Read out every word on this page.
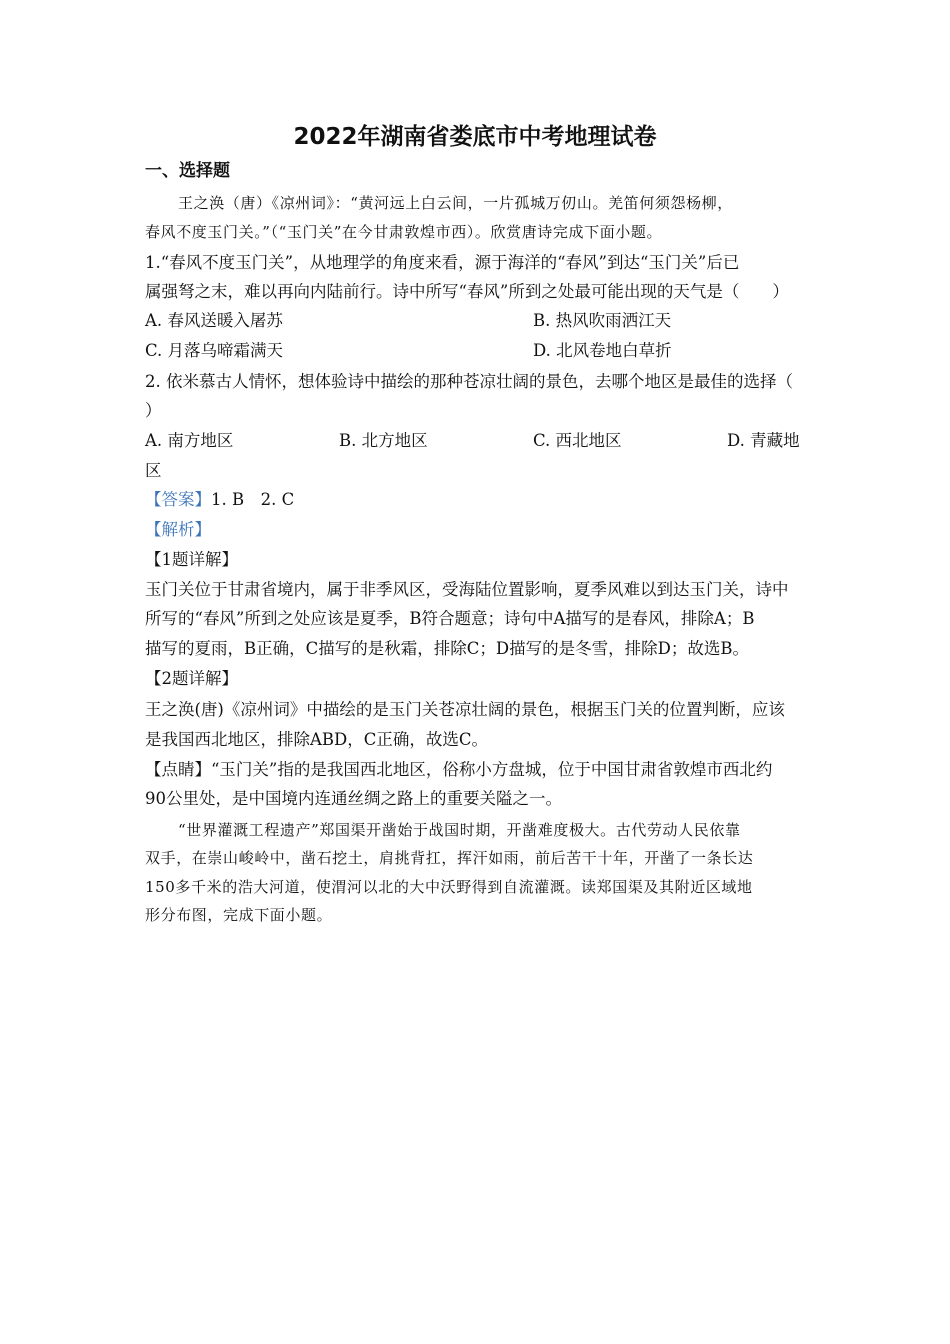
2022年湖南省娄底市中考地理试卷
一、选择题
王之涣（唐）《凉州词》：“黄河远上白云间，一片孤城万仞山。羌笛何须怨杨柳，
春风不度玉门关。”（“玉门关”在今甘肃敦煌市西）。欣赏唐诗完成下面小题。
1.“春风不度玉门关”，从地理学的角度来看，源于海洋的“春风”到达“玉门关”后已
属强弩之末，难以再向内陆前行。诗中所写“春风”所到之处最可能出现的天气是（　　）
A. 春风送暖入屠苏	B. 热风吹雨洒江天
C. 月落乌啼霜满天	D. 北风卷地白草折
2. 依米慕古人情怀，想体验诗中描绘的那种苍凉壮阔的景色，去哪个地区是最佳的选择（
）
A. 南方地区	B. 北方地区	C. 西北地区	D. 青藏地
区
【答案】1. B　2. C
【解析】
【1题详解】
玉门关位于甘肃省境内，属于非季风区，受海陆位置影响，夏季风难以到达玉门关，诗中
所写的“春风”所到之处应该是夏季，B符合题意；诗句中A描写的是春风，排除A；B
描写的夏雨，B正确，C描写的是秋霜，排除C；D描写的是冬雪，排除D；故选B。
【2题详解】
王之涣(唐)《凉州词》中描绘的是玉门关苍凉壮阔的景色，根据玉门关的位置判断，应该
是我国西北地区，排除ABD，C正确，故选C。
【点睛】“玉门关”指的是我国西北地区，俗称小方盘城，位于中国甘肃省敦煌市西北约
90公里处，是中国境内连通丝绸之路上的重要关隘之一。
“世界灌溉工程遗产”郑国渠开凿始于战国时期，开凿难度极大。古代劳动人民依靠
双手，在崇山峻岭中，凿石挖土，肩挑背扛，挥汗如雨，前后苦干十年，开凿了一条长达
150多千米的浩大河道，使渭河以北的大中沃野得到自流灌溉。读郑国渠及其附近区域地
形分布图，完成下面小题。
